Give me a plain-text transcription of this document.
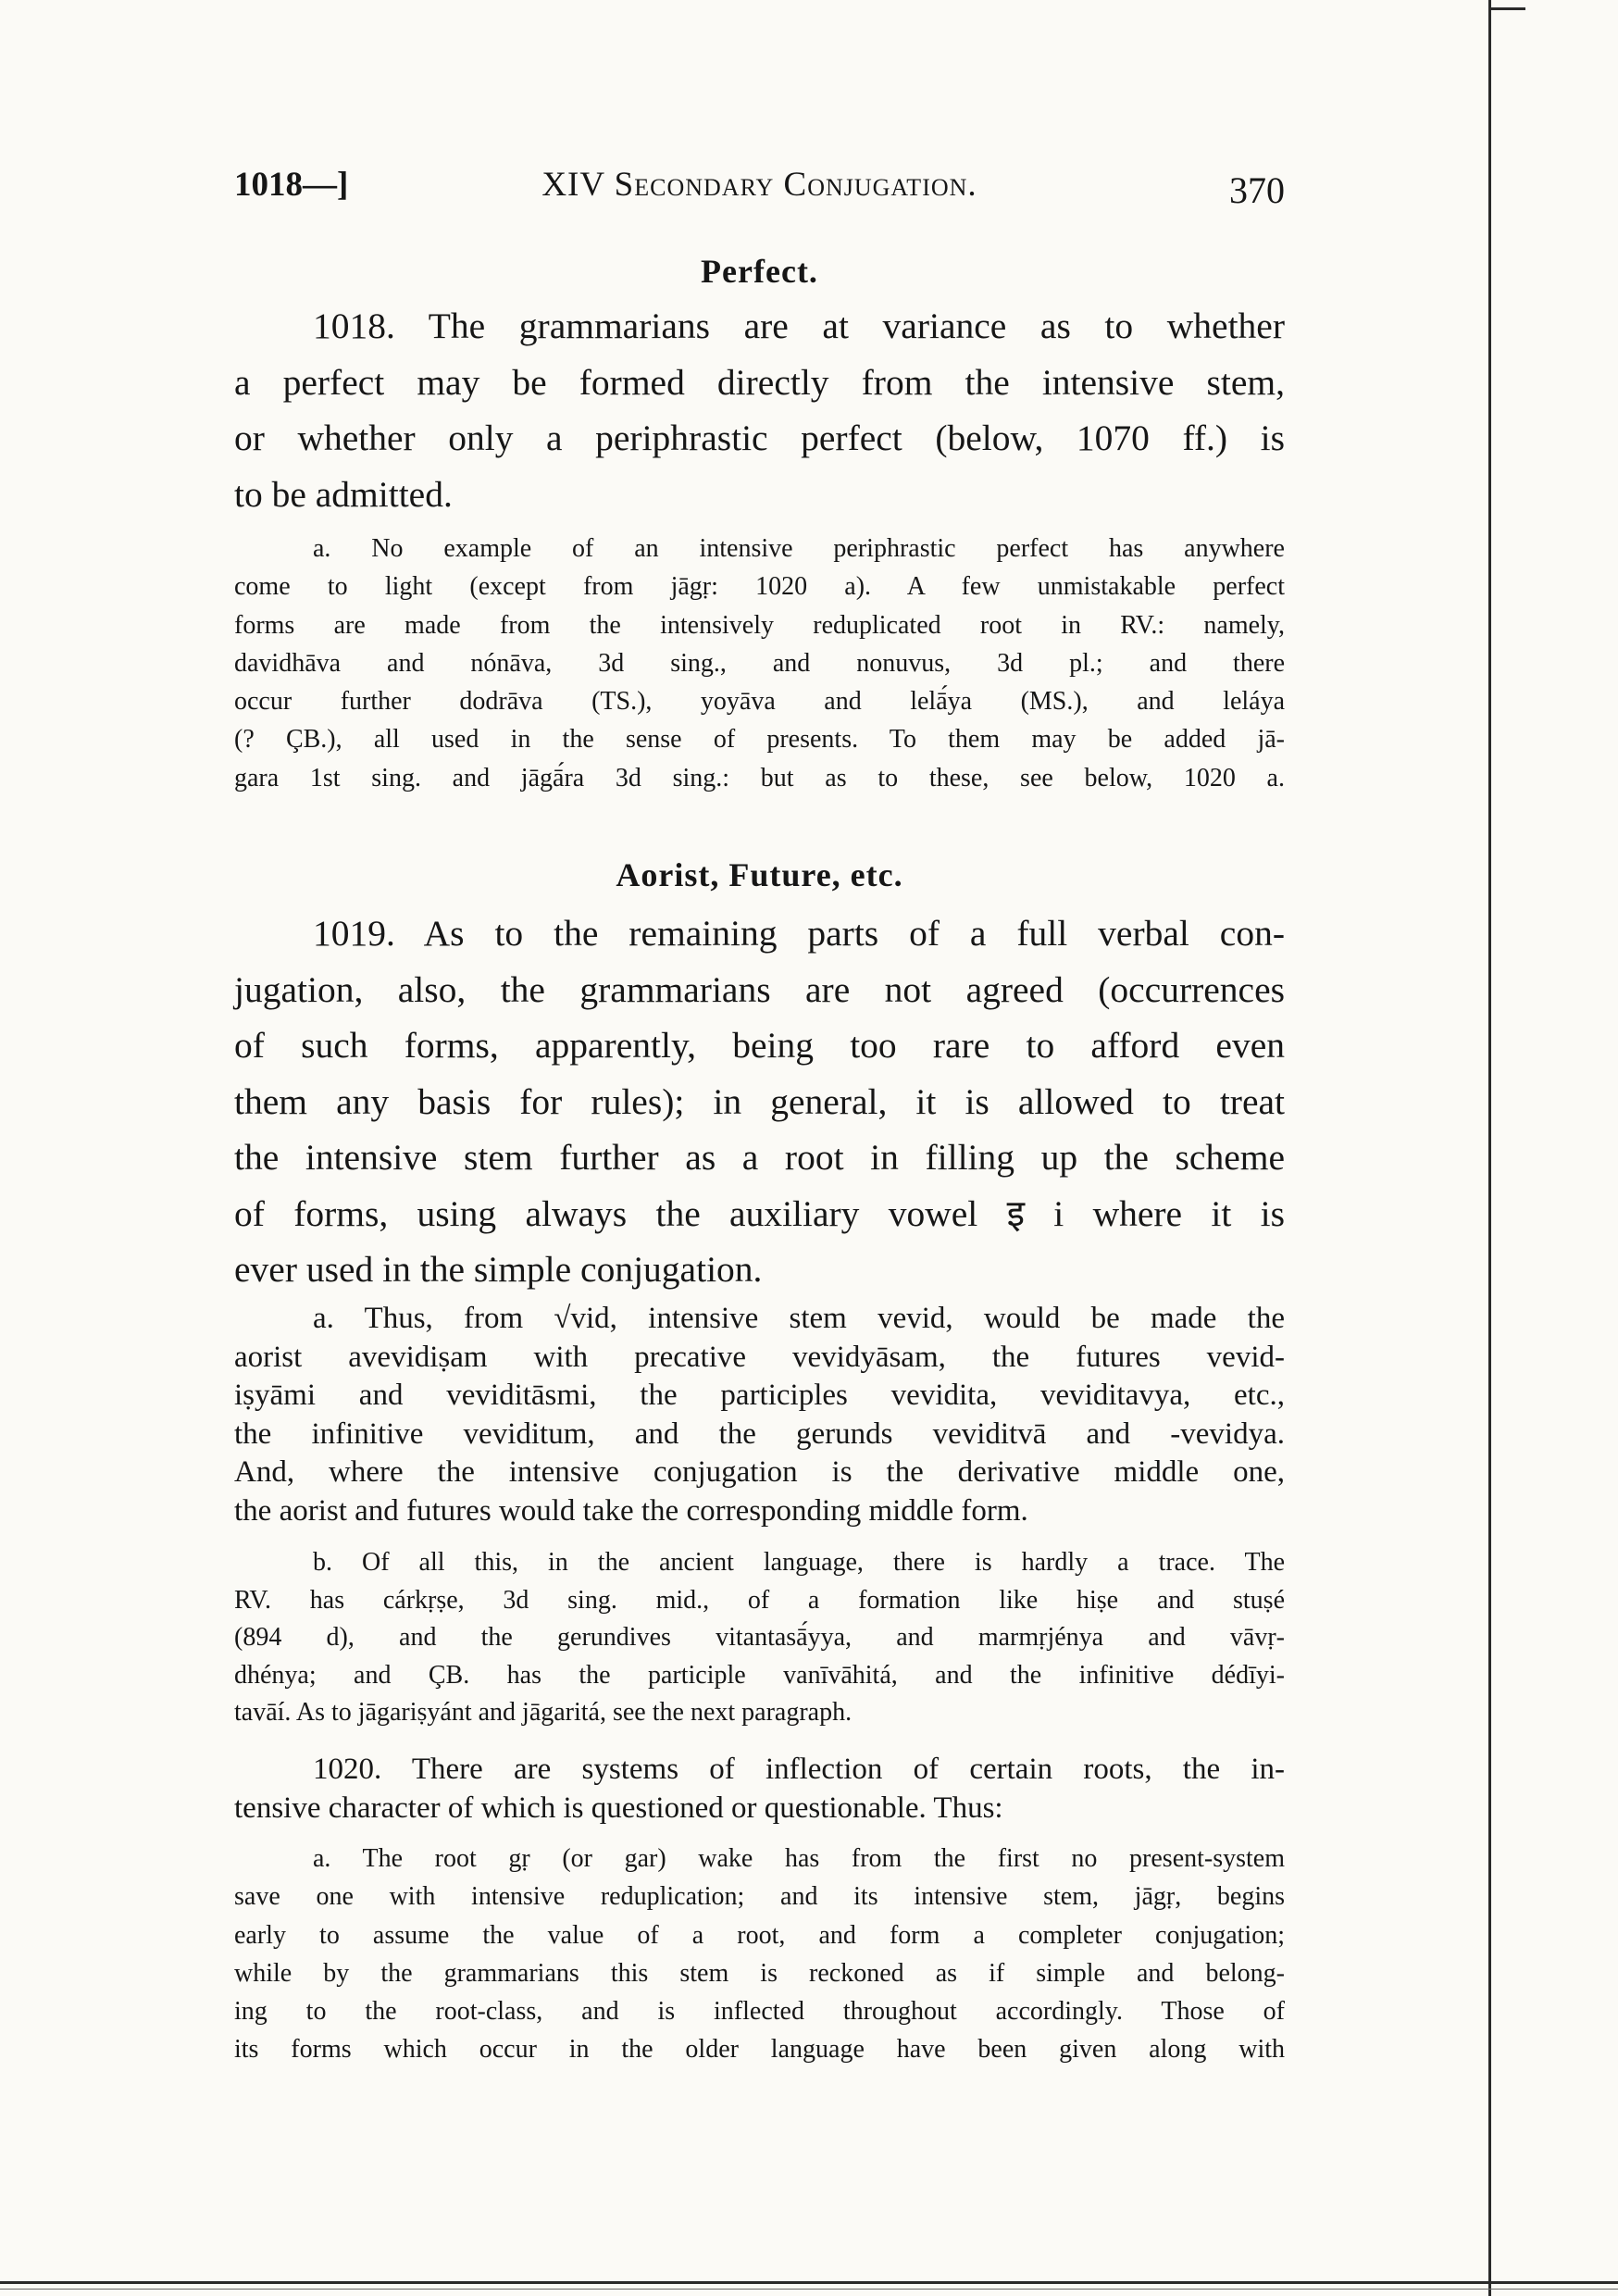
1018—]	XIV Secondary Conjugation.	370
Perfect.
1018. The grammarians are at variance as to whether
a perfect may be formed directly from the intensive stem,
or whether only a periphrastic perfect (below, 1070 ff.) is
to be admitted.
a. No example of an intensive periphrastic perfect has anywhere
come to light (except from jāgṛ: 1020 a). A few unmistakable perfect
forms are made from the intensively reduplicated root in RV.: namely,
davidhāva and nónāva, 3d sing., and nonuvus, 3d pl.; and there
occur further dodrāva (TS.), yoyāva and lelā́ya (MS.), and leláya
(? ÇB.), all used in the sense of presents. To them may be added jā-
gara 1st sing. and jāgā́ra 3d sing.: but as to these, see below, 1020 a.
Aorist, Future, etc.
1019. As to the remaining parts of a full verbal con-
jugation, also, the grammarians are not agreed (occurrences
of such forms, apparently, being too rare to afford even
them any basis for rules); in general, it is allowed to treat
the intensive stem further as a root in filling up the scheme
of forms, using always the auxiliary vowel इ i where it is
ever used in the simple conjugation.
a. Thus, from √vid, intensive stem vevid, would be made the
aorist avevidiṣam with precative vevidyāsam, the futures vevid-
iṣyāmi and veviditāsmi, the participles vevidita, veviditavya, etc.,
the infinitive veviditum, and the gerunds veviditvā and -vevidya.
And, where the intensive conjugation is the derivative middle one,
the aorist and futures would take the corresponding middle form.
b. Of all this, in the ancient language, there is hardly a trace. The
RV. has cárkṛṣe, 3d sing. mid., of a formation like hiṣe and stuṣé
(894 d), and the gerundives vitantasā́yya, and marmṛjénya and vāvṛ-
dhénya; and ÇB. has the participle vanīvāhitá, and the infinitive dédīyi-
tavāí. As to jāgariṣyánt and jāgaritá, see the next paragraph.
1020. There are systems of inflection of certain roots, the in-
tensive character of which is questioned or questionable. Thus:
a. The root gṛ (or gar) wake has from the first no present-system
save one with intensive reduplication; and its intensive stem, jāgṛ, begins
early to assume the value of a root, and form a completer conjugation;
while by the grammarians this stem is reckoned as if simple and belong-
ing to the root-class, and is inflected throughout accordingly. Those of
its forms which occur in the older language have been given along with
